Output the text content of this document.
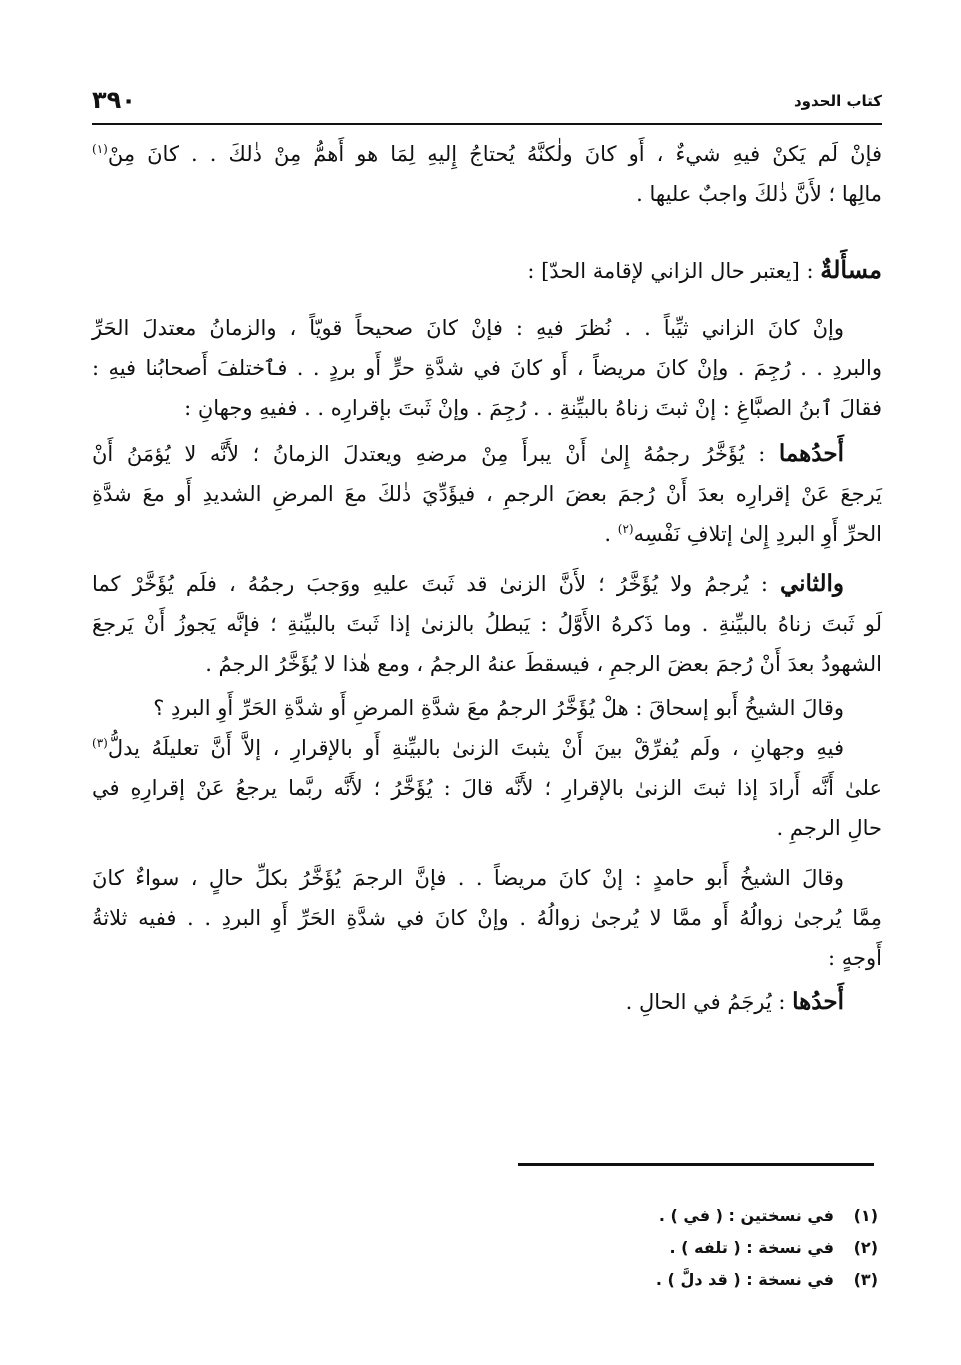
كتاب الحدود
٣٩٠
فإنْ لَم يَكنْ فيهِ شيءٌ ، أَو كانَ ولٰكنَّهُ يُحتاجُ إِليهِ لِمَا هو أَهمُّ مِنْ ذٰلكَ . . كانَ مِنْ$^{(١)}$
مالِها ؛ لأَنَّ ذٰلكَ واجبٌ عليها .
مسأَلةٌ : [يعتبر حال الزاني لإقامة الحدّ] :
وإنْ كانَ الزاني ثيِّباً . . نُظرَ فيهِ : فإنْ كانَ صحيحاً قويّاً ، والزمانُ معتدلَ الحَرِّ
والبردِ . . رُجِمَ . وإنْ كانَ مريضاً ، أَو كانَ في شدَّةِ حرٍّ أَو بردٍ . . فٱختلفَ أَصحابُنا فيهِ :
فقالَ ٱبنُ الصبَّاغِ : إنْ ثبتَ زناهُ بالبيِّنةِ . . رُجِمَ . وإنْ ثَبتَ بإقرارِه . . ففيهِ وجهانِ :
أَحدُهما : يُؤَخَّرُ رجمُهُ إِلىٰ أَنْ يبرأَ مِنْ مرضهِ ويعتدلَ الزمانُ ؛ لأَنَّه لا يُؤمَنُ أَنْ
يَرجعَ عَنْ إقرارِه بعدَ أَنْ رُجمَ بعضَ الرجمِ ، فيؤَدِّيَ ذٰلكَ معَ المرضِ الشديدِ أَو معَ شدَّةِ
الحرِّ أَوِ البردِ إِلىٰ إتلافِ نَفْسِه$^{(٢)}$ .
والثاني : يُرجمُ ولا يُؤَخَّرُ ؛ لأَنَّ الزنىٰ قد ثَبتَ عليهِ ووَجبَ رجمُهُ ، فلَم يُؤَخَّرْ كما
لَو ثَبتَ زناهُ بالبيِّنةِ . وما ذَكرهُ الأَوَّلُ : يَبطلُ بالزنىٰ إذا ثَبتَ بالبيِّنةِ ؛ فإنَّه يَجوزُ أَنْ يَرجعَ
الشهودُ بعدَ أَنْ رُجمَ بعضَ الرجمِ ، فيسقطَ عنهُ الرجمُ ، ومع هٰذا لا يُؤَخَّرُ الرجمُ .
وقالَ الشيخُ أَبو إسحاقَ : هلْ يُؤَخَّرُ الرجمُ معَ شدَّةِ المرضِ أَو شدَّةِ الحَرِّ أَوِ البردِ ؟
فيهِ وجهانِ ، ولَم يُفرِّقْ بينَ أَنْ يثبتَ الزنىٰ بالبيِّنةِ أَو بالإقرارِ ، إلاَّ أَنَّ تعليلَهُ يدلُّ$^{(٣)}$
علىٰ أَنَّه أَرادَ إذا ثبتَ الزنىٰ بالإقرارِ ؛ لأَنَّه قالَ : يُؤَخَّرُ ؛ لأَنَّه ربَّما يرجعُ عَنْ إقرارِهِ في
حالِ الرجمِ .
وقالَ الشيخُ أَبو حامدٍ : إنْ كانَ مريضاً . . فإنَّ الرجمَ يُؤَخَّرُ بكلِّ حالٍ ، سواءٌ كانَ
مِمَّا يُرجىٰ زوالُهُ أَو ممَّا لا يُرجىٰ زوالُهُ . وإنْ كانَ في شدَّةِ الحَرِّ أَوِ البردِ . . ففيه ثلاثةُ
أَوجهٍ :
أَحدُها : يُرجَمُ في الحالِ .
(١)في نسختين : ( في ) .
(٢)في نسخة : ( تلفه ) .
(٣)في نسخة : ( قد دلَّ ) .
